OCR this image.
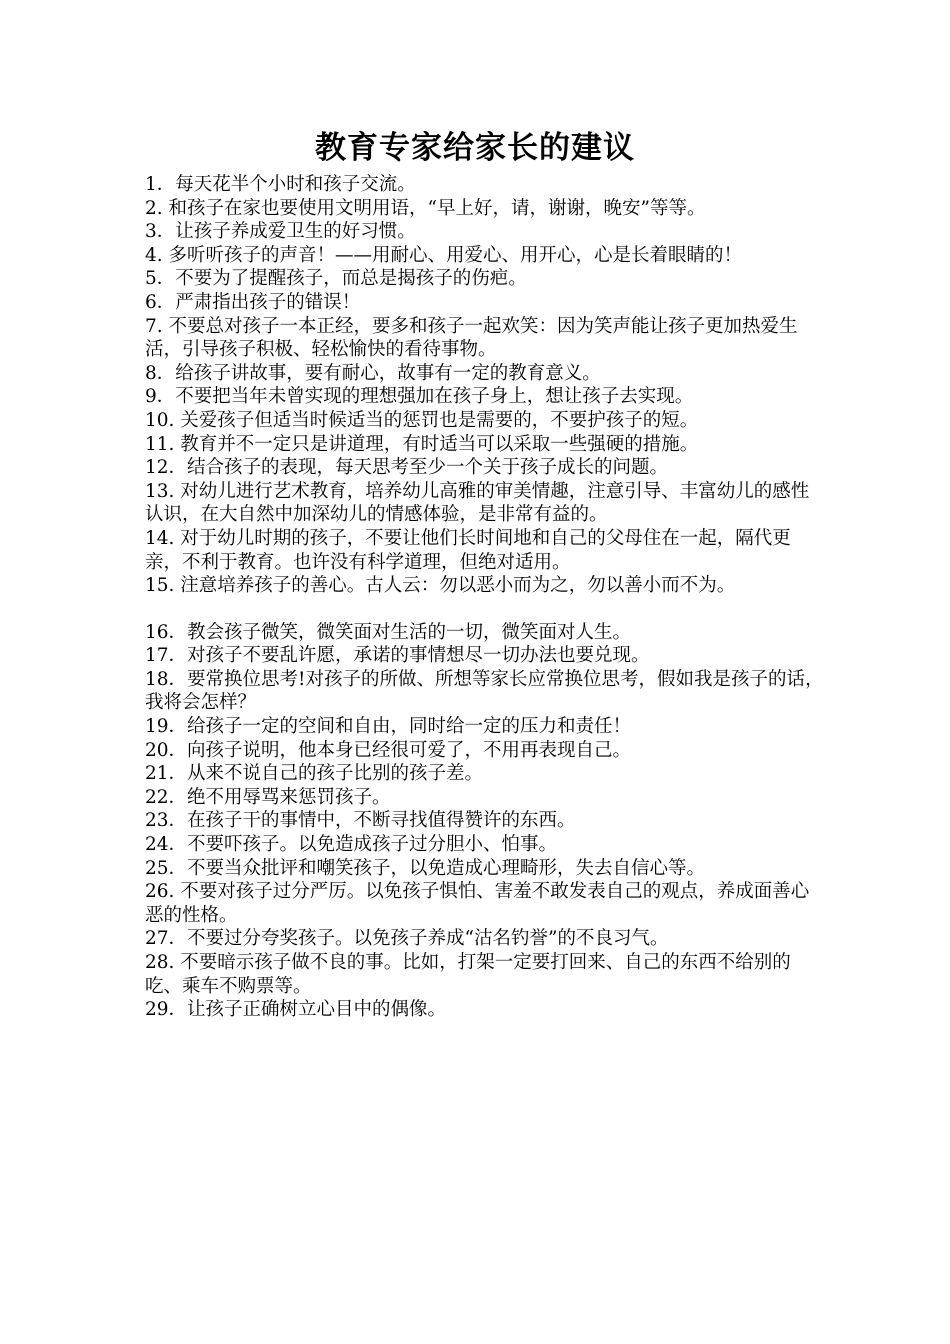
教育专家给家长的建议

1．每天花半个小时和孩子交流。

2. 和孩子在家也要使用文明用语，“早上好，请，谢谢，晚安”等等。

3．让孩子养成爱卫生的好习惯。

4. 多听听孩子的声音！——用耐心、用爱心、用开心，心是长着眼睛的！

5．不要为了提醒孩子，而总是揭孩子的伤疤。

6．严肃指出孩子的错误！

7. 不要总对孩子一本正经，要多和孩子一起欢笑：因为笑声能让孩子更加热爱生活，引导孩子积极、轻松愉快的看待事物。

8．给孩子讲故事，要有耐心，故事有一定的教育意义。

9．不要把当年未曾实现的理想强加在孩子身上，想让孩子去实现。

10. 关爱孩子但适当时候适当的惩罚也是需要的，不要护孩子的短。

11. 教育并不一定只是讲道理，有时适当可以采取一些强硬的措施。

12．结合孩子的表现，每天思考至少一个关于孩子成长的问题。

13. 对幼儿进行艺术教育，培养幼儿高雅的审美情趣，注意引导、丰富幼儿的感性认识，在大自然中加深幼儿的情感体验，是非常有益的。

14. 对于幼儿时期的孩子，不要让他们长时间地和自己的父母住在一起，隔代更亲，不利于教育。也许没有科学道理，但绝对适用。

15. 注意培养孩子的善心。古人云：勿以恶小而为之，勿以善小而不为。

16．教会孩子微笑，微笑面对生活的一切，微笑面对人生。

17．对孩子不要乱许愿，承诺的事情想尽一切办法也要兑现。

18．要常换位思考!对孩子的所做、所想等家长应常换位思考，假如我是孩子的话，我将会怎样？

19．给孩子一定的空间和自由，同时给一定的压力和责任！

20．向孩子说明，他本身已经很可爱了，不用再表现自己。

21．从来不说自己的孩子比别的孩子差。

22．绝不用辱骂来惩罚孩子。

23．在孩子干的事情中，不断寻找值得赞许的东西。

24．不要吓孩子。以免造成孩子过分胆小、怕事。

25．不要当众批评和嘲笑孩子，以免造成心理畸形，失去自信心等。

26. 不要对孩子过分严厉。以免孩子惧怕、害羞不敢发表自己的观点，养成面善心恶的性格。

27．不要过分夸奖孩子。以免孩子养成“沽名钓誉”的不良习气。

28. 不要暗示孩子做不良的事。比如，打架一定要打回来、自己的东西不给别的吃、乘车不购票等。

29．让孩子正确树立心目中的偶像。
